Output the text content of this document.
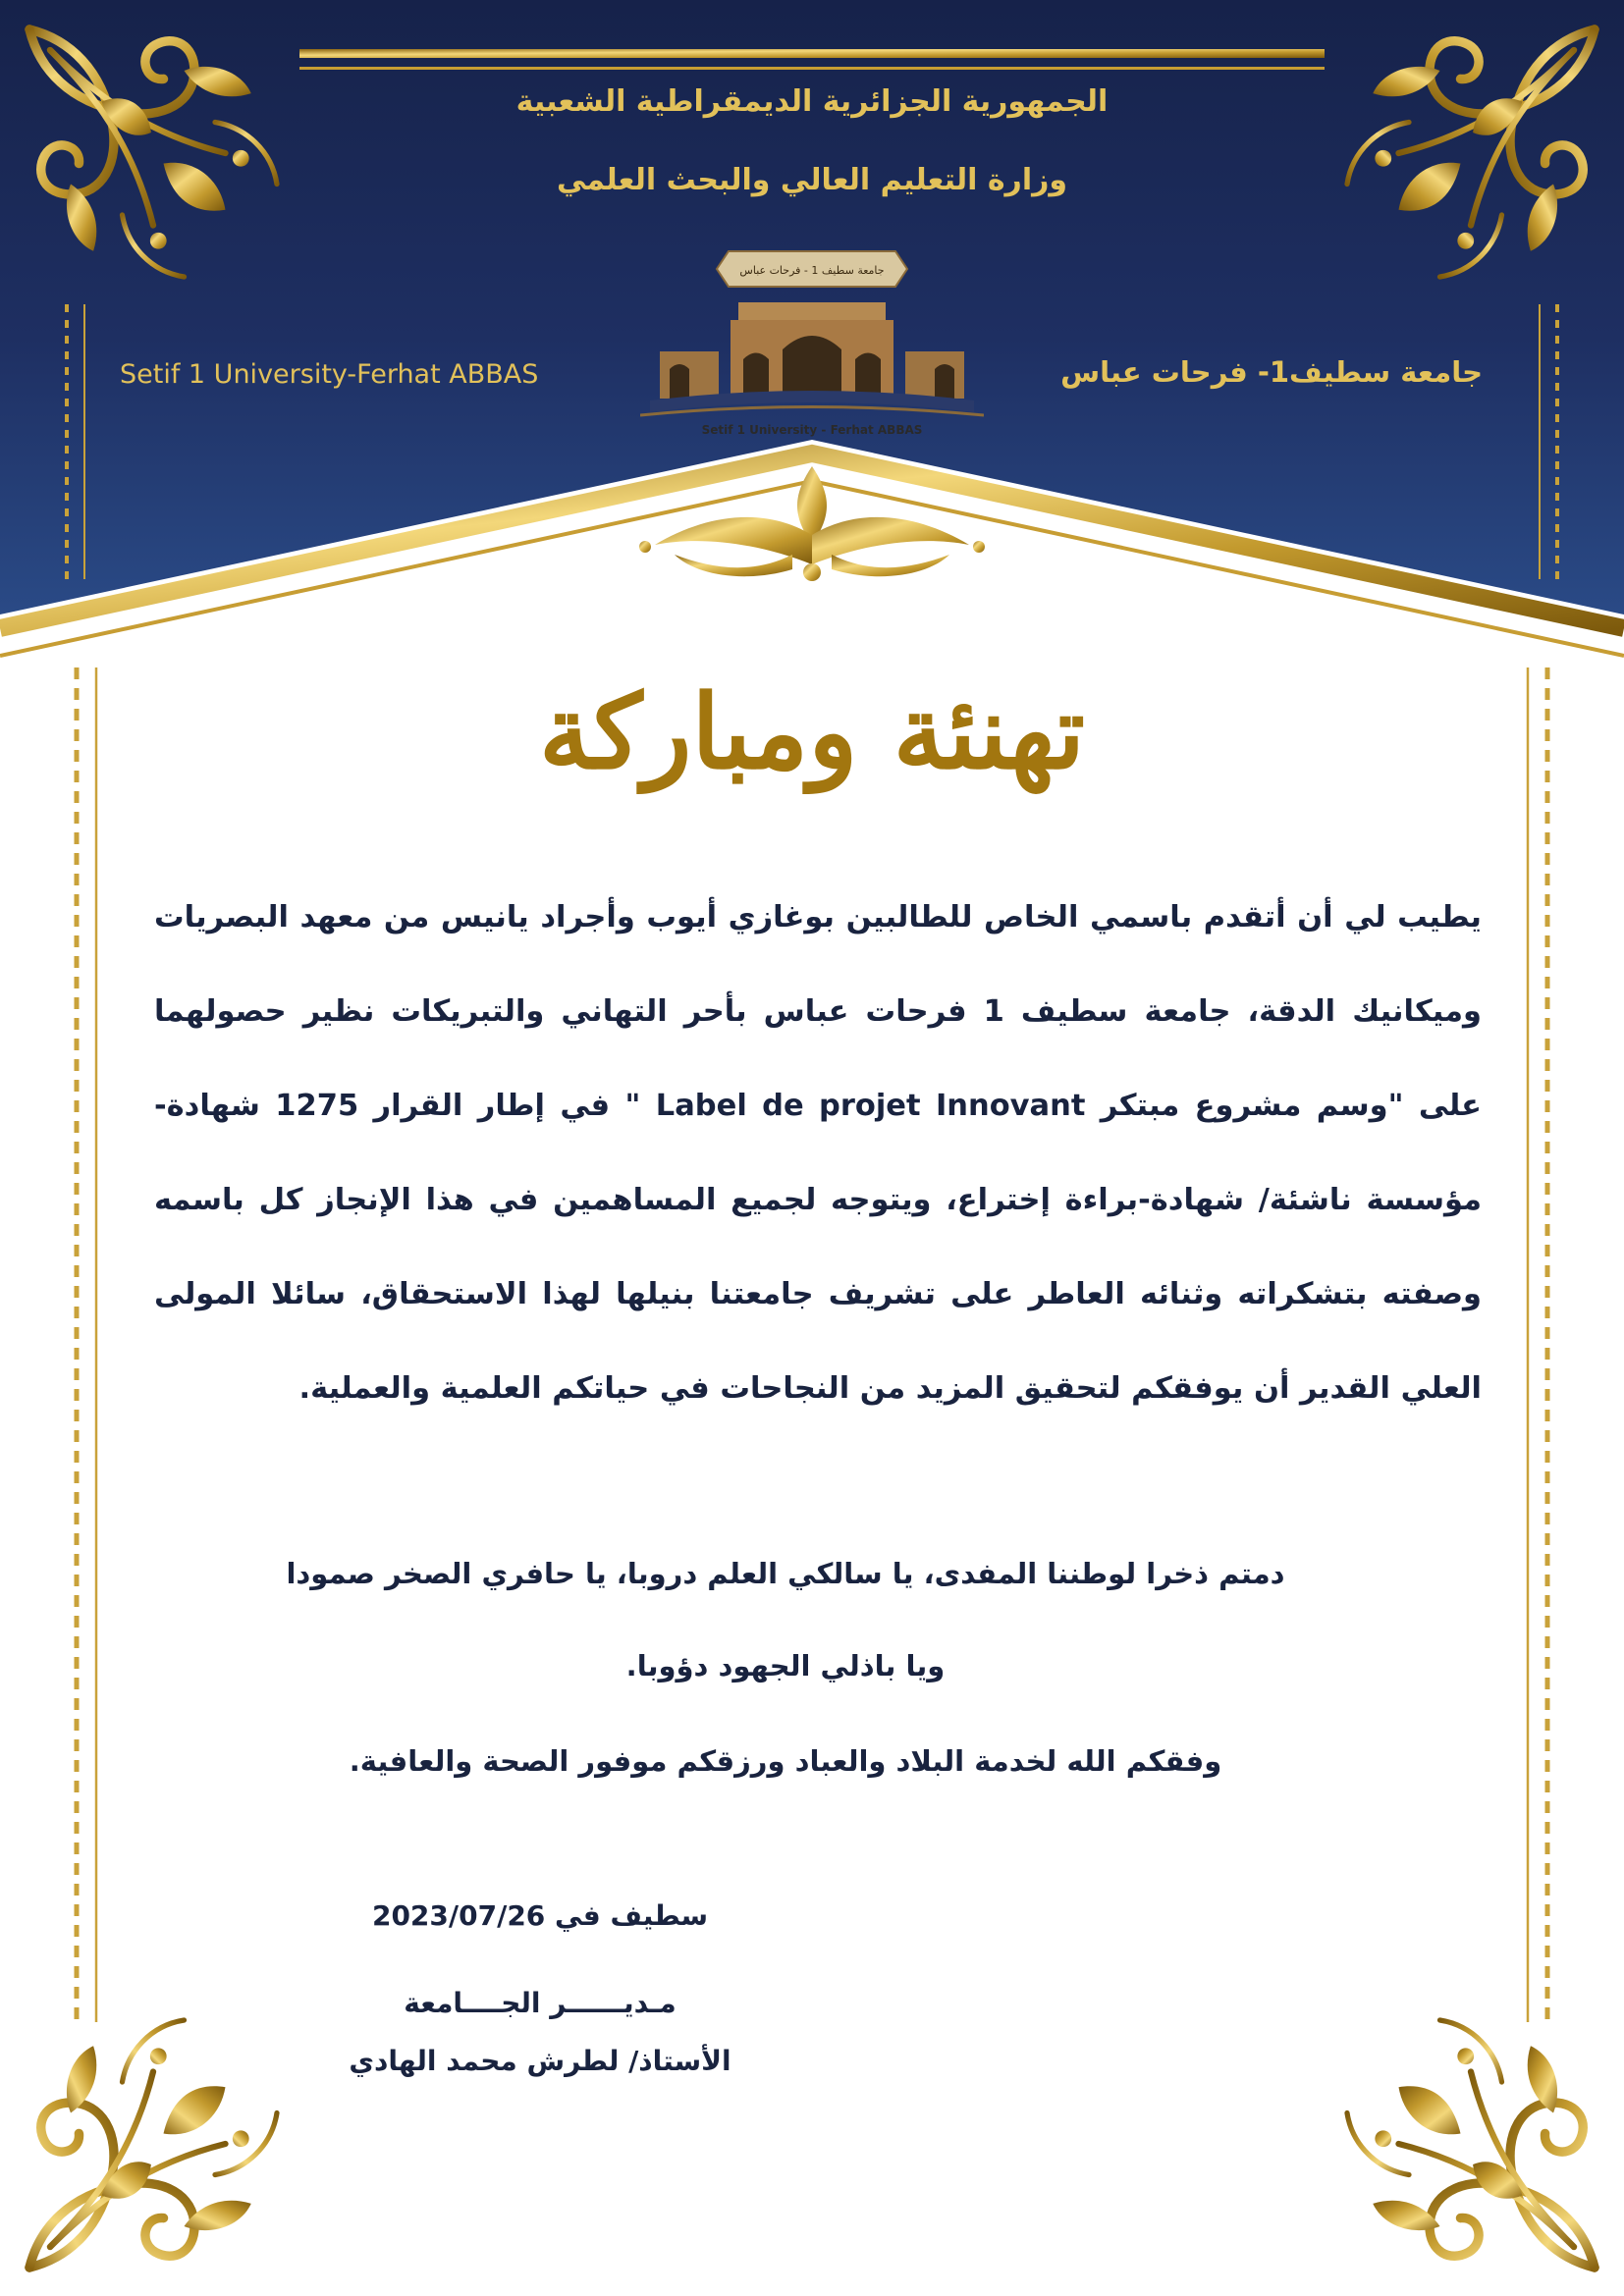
الجمهورية الجزائرية الديمقراطية الشعبية
وزارة التعليم العالي والبحث العلمي
Setif 1 University-Ferhat ABBAS	جامعة سطيف1- فرحات عباس
جامعة سطيف 1 - فرحات عباس
Setif 1 University - Ferhat ABBAS
تهنئة ومباركة

يطيب لي أن أتقدم باسمي الخاص للطالبين بوغازي أيوب وأجراد يانيس من معهد البصريات وميكانيك الدقة، جامعة سطيف 1 فرحات عباس بأحر التهاني والتبريكات نظير حصولهما على "وسم مشروع مبتكر Label de projet Innovant " في إطار القرار 1275 شهادة-مؤسسة ناشئة/ شهادة-براءة إختراع، ويتوجه لجميع المساهمين في هذا الإنجاز كل باسمه وصفته بتشكراته وثنائه العاطر على تشريف جامعتنا بنيلها لهذا الاستحقاق، سائلا المولى العلي القدير أن يوفقكم لتحقيق المزيد من النجاحات في حياتكم العلمية والعملية.

دمتم ذخرا لوطننا المفدى، يا سالكي العلم دروبا، يا حافري الصخر صمودا
ويا باذلي الجهود دؤوبا.
وفقكم الله لخدمة البلاد والعباد ورزقكم موفور الصحة والعافية.
سطيف في 2023/07/26
مـديــــــر الجــــامعة
الأستاذ/ لطرش محمد الهادي
